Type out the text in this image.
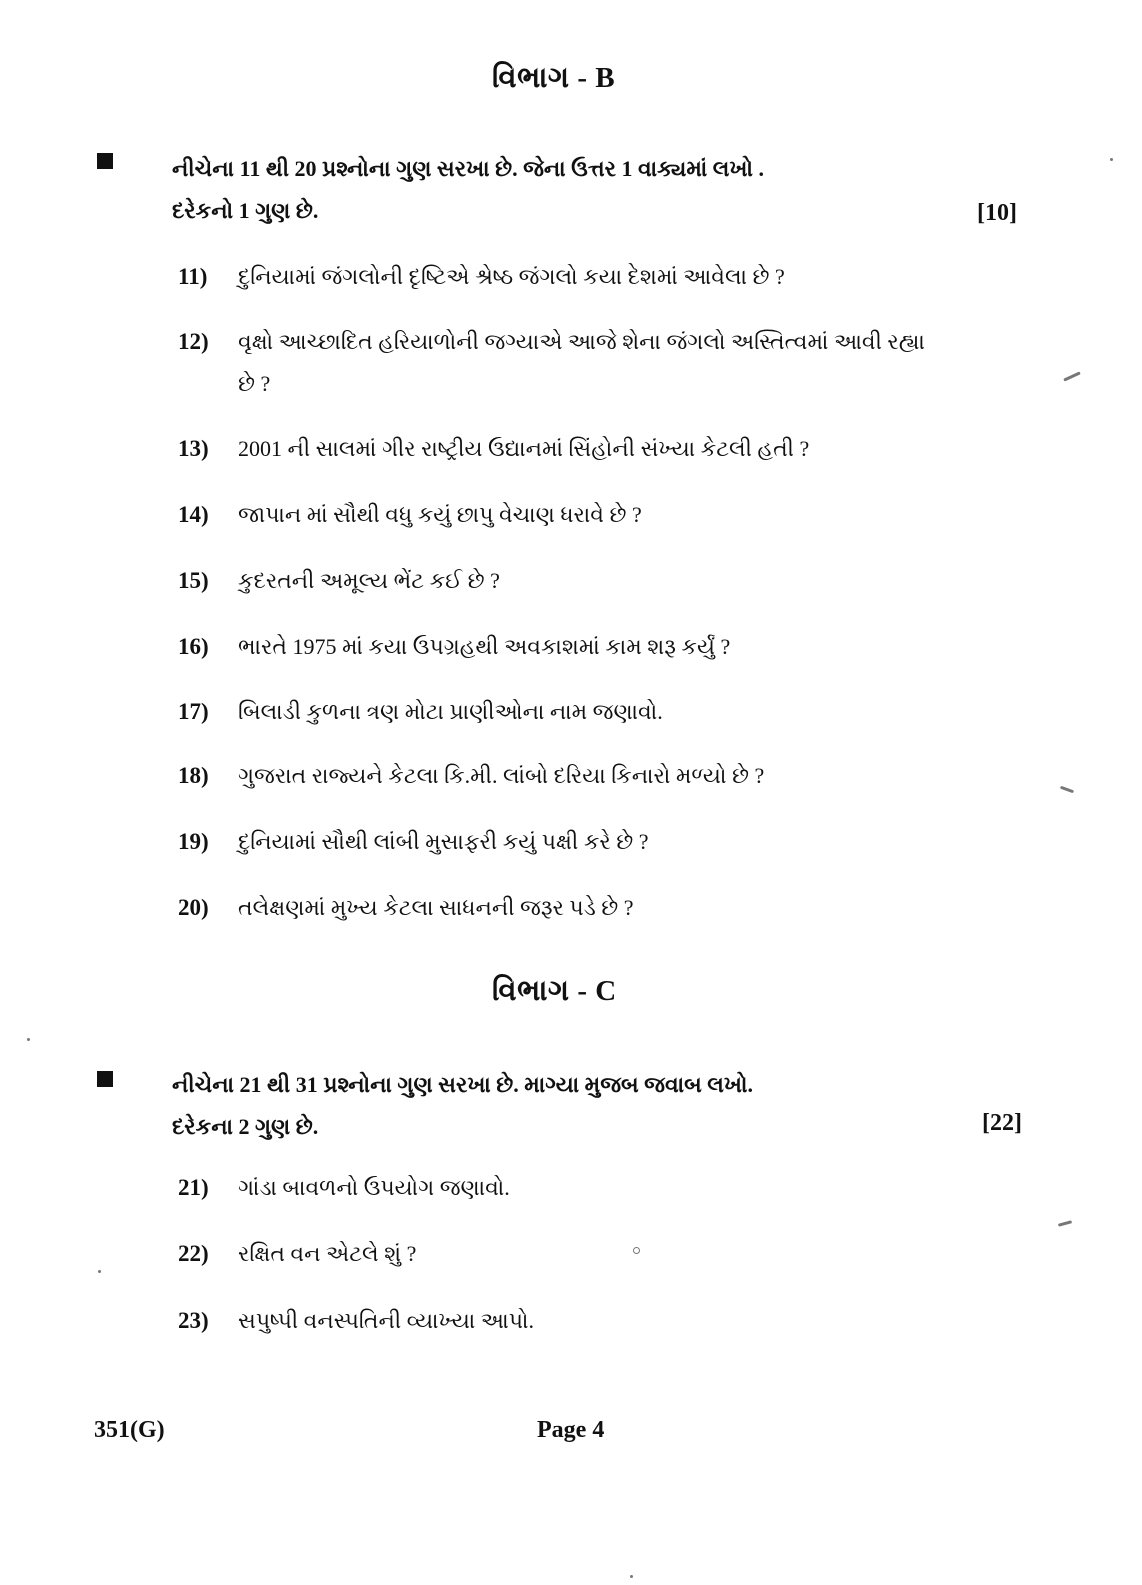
વિભાગ - B
નીચેના 11 થી 20 પ્રશ્નોના ગુણ સરખા છે. જેના ઉત્તર 1 વાક્યમાં લખો .
દરેકનો 1 ગુણ છે.	[10]
11) દુનિયામાં જંગલોની દૃષ્ટિએ શ્રેષ્ઠ જંગલો કયા દેશમાં આવેલા છે ?
12) વૃક્ષો આચ્છાદિત હરિયાળોની જગ્યાએ આજે શેના જંગલો અસ્તિત્વમાં આવી રહ્યા છે ?
13) 2001 ની સાલમાં ગીર રાષ્ટ્રીય ઉદ્યાનમાં સિંહોની સંખ્યા કેટલી હતી ?
14) જાપાન માં સૌથી વધુ કયું છાપુ વેચાણ ધરાવે છે ?
15) કુદરતની અમૂલ્ય ભેંટ કઈ છે ?
16) ભારતે 1975 માં કયા ઉપગ્રહથી અવકાશમાં કામ શરૂ કર્યું ?
17) બિલાડી કુળના ત્રણ મોટા પ્રાણીઓના નામ જણાવો.
18) ગુજરાત રાજ્યને કેટલા કિ.મી. લાંબો દરિયા કિનારો મળ્યો છે ?
19) દુનિયામાં સૌથી લાંબી મુસાફરી કયું પક્ષી કરે છે ?
20) તલેક્ષણમાં મુખ્ય કેટલા સાધનની જરૂર પડે છે ?
વિભાગ - C
નીચેના 21 થી 31 પ્રશ્નોના ગુણ સરખા છે. માગ્યા મુજબ જવાબ લખો.
દરેકના 2 ગુણ છે.	[22]
21) ગાંડા બાવળનો ઉપયોગ જણાવો.
22) રક્ષિત વન એટલે શું ?
23) સપુષ્પી વનસ્પતિની વ્યાખ્યા આપો.
351(G)	Page 4
